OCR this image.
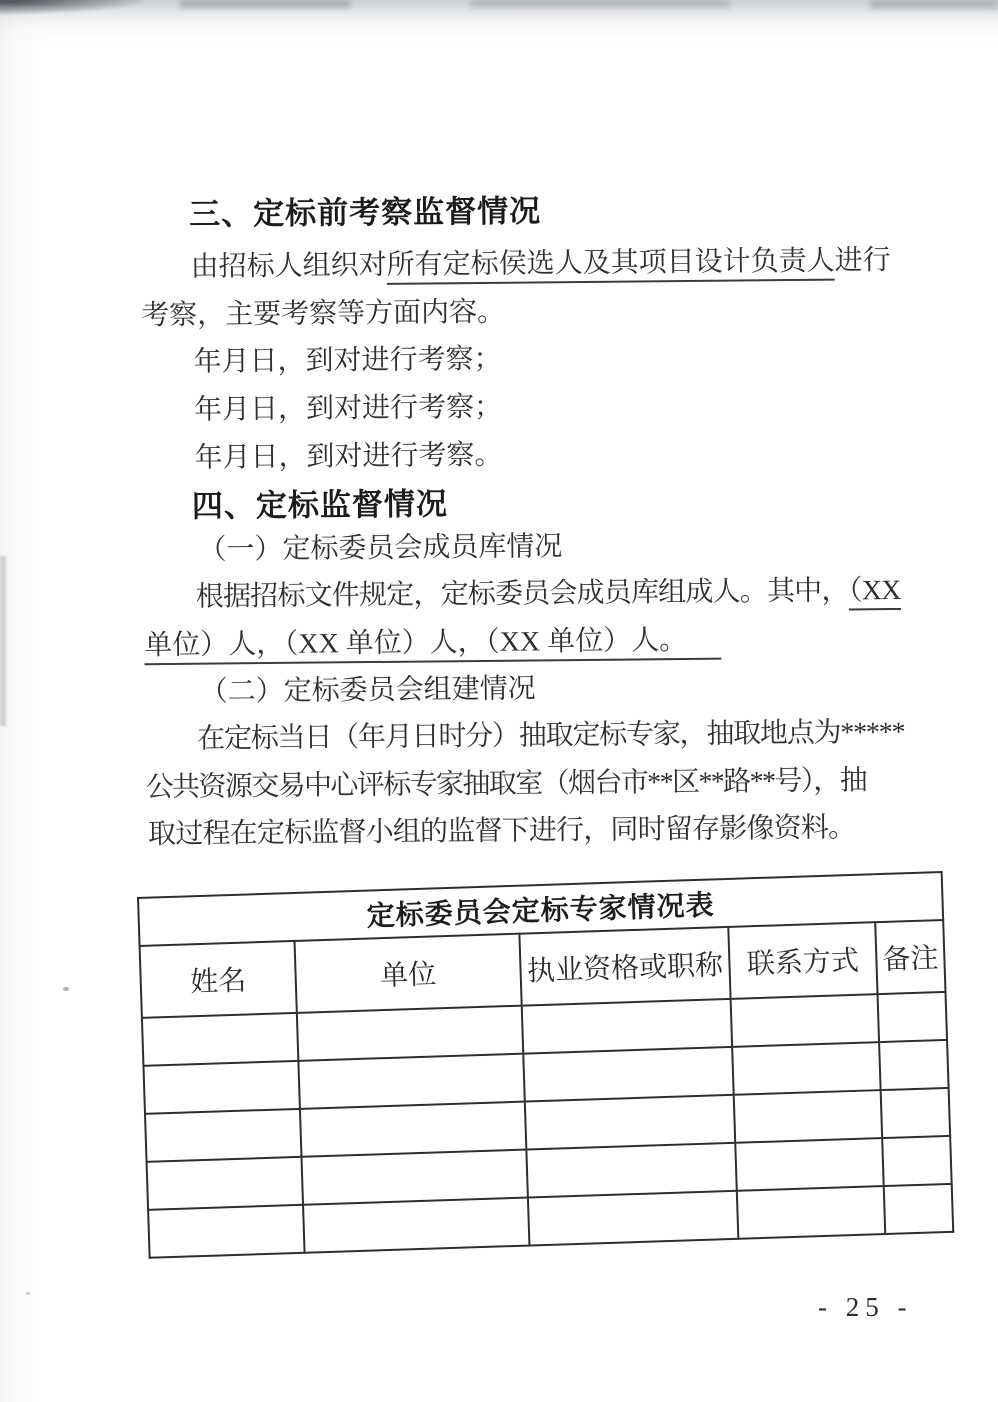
三、定标前考察监督情况
由招标人组织对所有定标侯选人及其项目设计负责人进行
考察，主要考察等方面内容。
年月日，到对进行考察；
年月日，到对进行考察；
年月日，到对进行考察。
四、定标监督情况
（一）定标委员会成员库情况
根据招标文件规定，定标委员会成员库组成人。其中，（XX
单位）人，（XX 单位）人，（XX 单位）人。
（二）定标委员会组建情况
在定标当日（年月日时分）抽取定标专家，抽取地点为*****
公共资源交易中心评标专家抽取室（烟台市**区**路**号），抽
取过程在定标监督小组的监督下进行，同时留存影像资料。
定标委员会定标专家情况表				
姓名	单位	执业资格或职称	联系方式	备注

- 25 -
